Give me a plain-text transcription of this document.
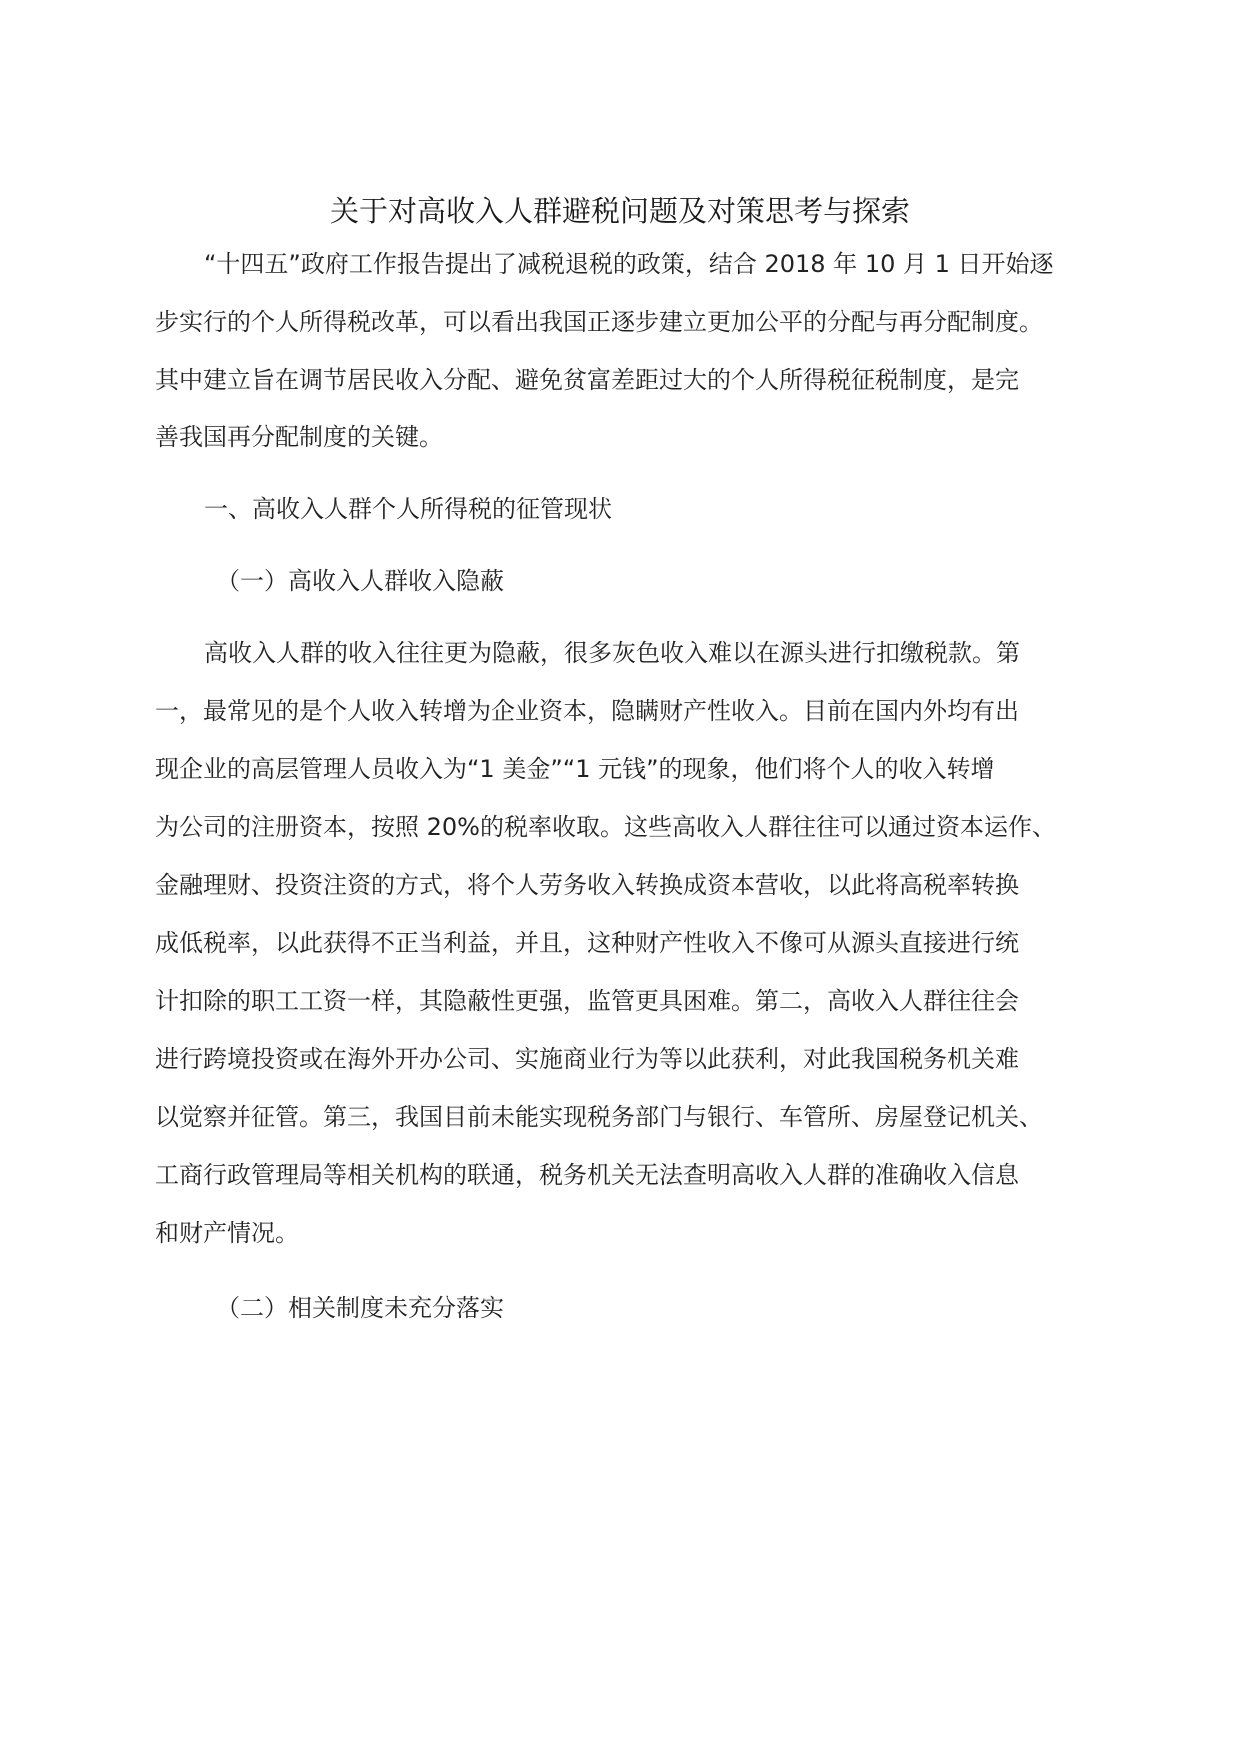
关于对高收入人群避税问题及对策思考与探索

“十四五”政府工作报告提出了减税退税的政策，结合 2018 年 10 月 1 日开始逐

步实行的个人所得税改革，可以看出我国正逐步建立更加公平的分配与再分配制度。

其中建立旨在调节居民收入分配、避免贫富差距过大的个人所得税征税制度，是完

善我国再分配制度的关键。

一、高收入人群个人所得税的征管现状

（一）高收入人群收入隐蔽

高收入人群的收入往往更为隐蔽，很多灰色收入难以在源头进行扣缴税款。第

一，最常见的是个人收入转增为企业资本，隐瞒财产性收入。目前在国内外均有出

现企业的高层管理人员收入为“1 美金”“1 元钱”的现象，他们将个人的收入转增

为公司的注册资本，按照 20%的税率收取。这些高收入人群往往可以通过资本运作、

金融理财、投资注资的方式，将个人劳务收入转换成资本营收，以此将高税率转换

成低税率，以此获得不正当利益，并且，这种财产性收入不像可从源头直接进行统

计扣除的职工工资一样，其隐蔽性更强，监管更具困难。第二，高收入人群往往会

进行跨境投资或在海外开办公司、实施商业行为等以此获利，对此我国税务机关难

以觉察并征管。第三，我国目前未能实现税务部门与银行、车管所、房屋登记机关、

工商行政管理局等相关机构的联通，税务机关无法查明高收入人群的准确收入信息

和财产情况。

（二）相关制度未充分落实
